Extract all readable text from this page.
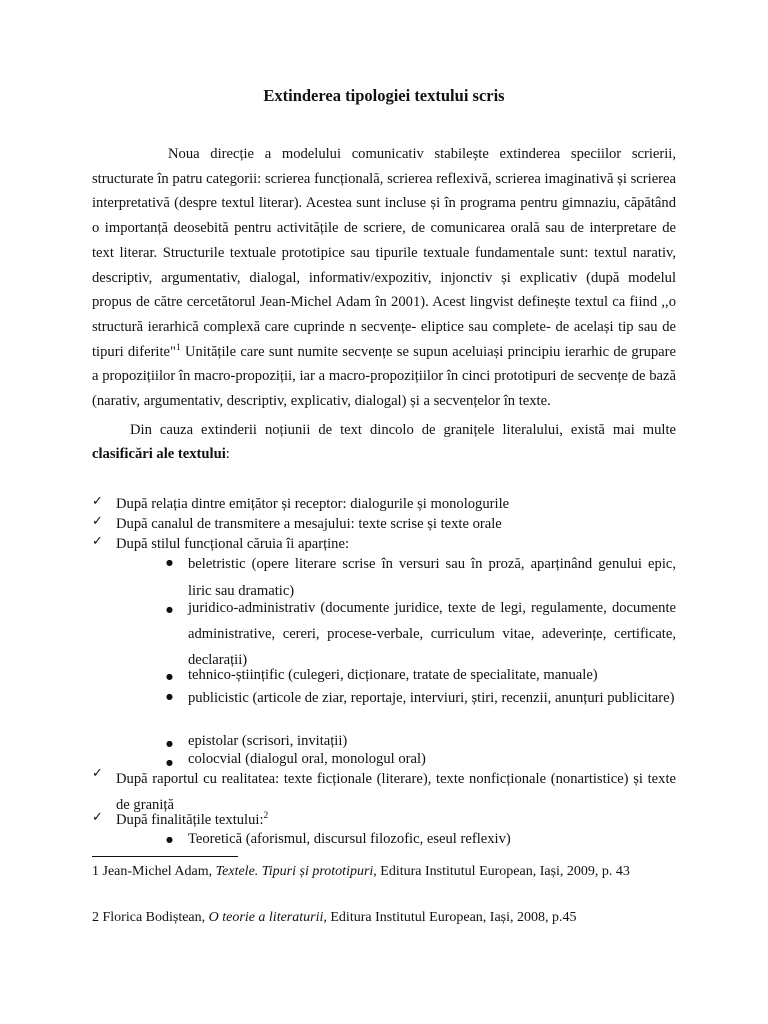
Extinderea tipologiei textului scris

Noua direcție a modelului comunicativ stabilește extinderea speciilor scrierii, structurate în patru categorii: scrierea funcțională, scrierea reflexivă, scrierea imaginativă și scrierea interpretativă (despre textul literar). Acestea sunt incluse și în programa pentru gimnaziu, căpătând o importanță deosebită pentru activitățile de scriere, de comunicarea orală sau de interpretare de text literar. Structurile textuale prototipice sau tipurile textuale fundamentale sunt: textul narativ, descriptiv, argumentativ, dialogal, informativ/expozitiv, injonctiv și explicativ (după modelul propus de către cercetătorul Jean-Michel Adam în 2001). Acest lingvist definește textul ca fiind ,,o structură ierarhică complexă care cuprinde n secvențe- eliptice sau complete- de același tip sau de tipuri diferite"$^1$ Unitățile care sunt numite secvențe se supun aceluiași principiu ierarhic de grupare a propozițiilor în macro-propoziții, iar a macro-propozițiilor în cinci prototipuri de secvențe de bază (narativ, argumentativ, descriptiv, explicativ, dialogal) și a secvențelor în texte.

Din cauza extinderii noțiunii de text dincolo de granițele literalului, există mai multe clasificări ale textului:

✓ După relația dintre emițător și receptor: dialogurile și monologurile
✓ După canalul de transmitere a mesajului: texte scrise și texte orale
✓ După stilul funcțional căruia îi aparține:
● beletristic (opere literare scrise în versuri sau în proză, aparținând genului epic, liric sau dramatic)
● juridico-administrativ (documente juridice, texte de legi, regulamente, documente administrative, cereri, procese-verbale, curriculum vitae, adeverințe, certificate, declarații)
● tehnico-științific (culegeri, dicționare, tratate de specialitate, manuale)
● publicistic (articole de ziar, reportaje, interviuri, știri, recenzii, anunțuri publicitare)
● epistolar (scrisori, invitații)
● colocvial (dialogul oral, monologul oral)
✓ După raportul cu realitatea: texte ficționale (literare), texte nonficționale (nonartistice) și texte de graniță
✓ După finalitățile textului:$^2$
● Teoretică (aforismul, discursul filozofic, eseul reflexiv)
1 Jean-Michel Adam, Textele. Tipuri și prototipuri, Editura Institutul European, Iași, 2009, p. 43
2 Florica Bodiștean, O teorie a literaturii, Editura Institutul European, Iași, 2008, p.45
